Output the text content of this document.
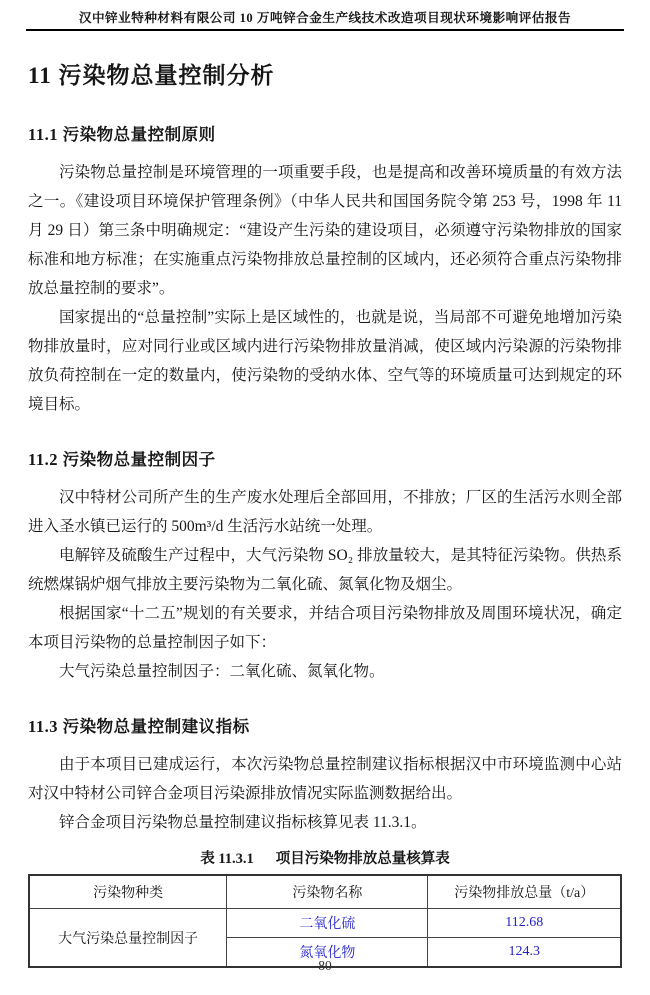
汉中锌业特种材料有限公司 10 万吨锌合金生产线技术改造项目现状环境影响评估报告
11 污染物总量控制分析
11.1 污染物总量控制原则

污染物总量控制是环境管理的一项重要手段，也是提高和改善环境质量的有效方法之一。《建设项目环境保护管理条例》（中华人民共和国国务院令第 253 号，1998 年 11 月 29 日）第三条中明确规定：“建设产生污染的建设项目，必须遵守污染物排放的国家标准和地方标准；在实施重点污染物排放总量控制的区域内，还必须符合重点污染物排放总量控制的要求”。

国家提出的“总量控制”实际上是区域性的，也就是说，当局部不可避免地增加污染物排放量时，应对同行业或区域内进行污染物排放量消减，使区域内污染源的污染物排放负荷控制在一定的数量内，使污染物的受纳水体、空气等的环境质量可达到规定的环境目标。

11.2 污染物总量控制因子

汉中特材公司所产生的生产废水处理后全部回用，不排放；厂区的生活污水则全部进入圣水镇已运行的 500m³/d 生活污水站统一处理。

电解锌及硫酸生产过程中，大气污染物 SO₂ 排放量较大，是其特征污染物。供热系统燃煤锅炉烟气排放主要污染物为二氧化硫、氮氧化物及烟尘。

根据国家“十二五”规划的有关要求，并结合项目污染物排放及周围环境状况，确定本项目污染物的总量控制因子如下：

大气污染总量控制因子：二氧化硫、氮氧化物。

11.3 污染物总量控制建议指标

由于本项目已建成运行，本次污染物总量控制建议指标根据汉中市环境监测中心站对汉中特材公司锌合金项目污染源排放情况实际监测数据给出。

锌合金项目污染物总量控制建议指标核算见表 11.3.1。

表 11.3.1 项目污染物排放总量核算表
污染物种类	污染物名称	污染物排放总量（t/a）
大气污染总量控制因子	二氧化硫	112.68
	氮氧化物	124.3
80
